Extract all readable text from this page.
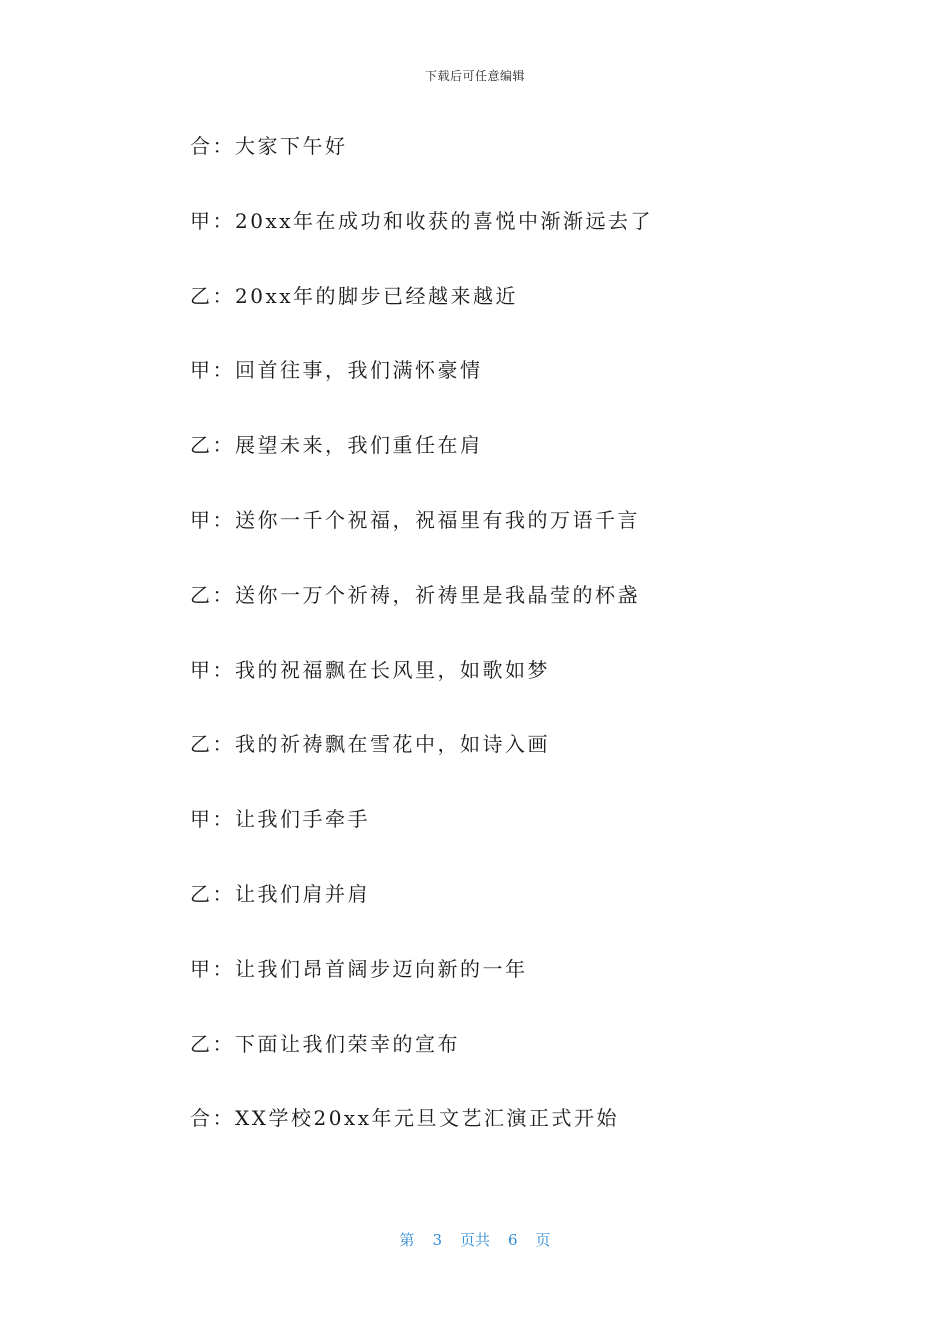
下载后可任意编辑
合：大家下午好
甲：20xx年在成功和收获的喜悦中渐渐远去了
乙：20xx年的脚步已经越来越近
甲：回首往事，我们满怀豪情
乙：展望未来，我们重任在肩
甲：送你一千个祝福，祝福里有我的万语千言
乙：送你一万个祈祷，祈祷里是我晶莹的杯盏
甲：我的祝福飘在长风里，如歌如梦
乙：我的祈祷飘在雪花中，如诗入画
甲：让我们手牵手
乙：让我们肩并肩
甲：让我们昂首阔步迈向新的一年
乙：下面让我们荣幸的宣布
合：XX学校20xx年元旦文艺汇演正式开始
第 3 页共 6 页
